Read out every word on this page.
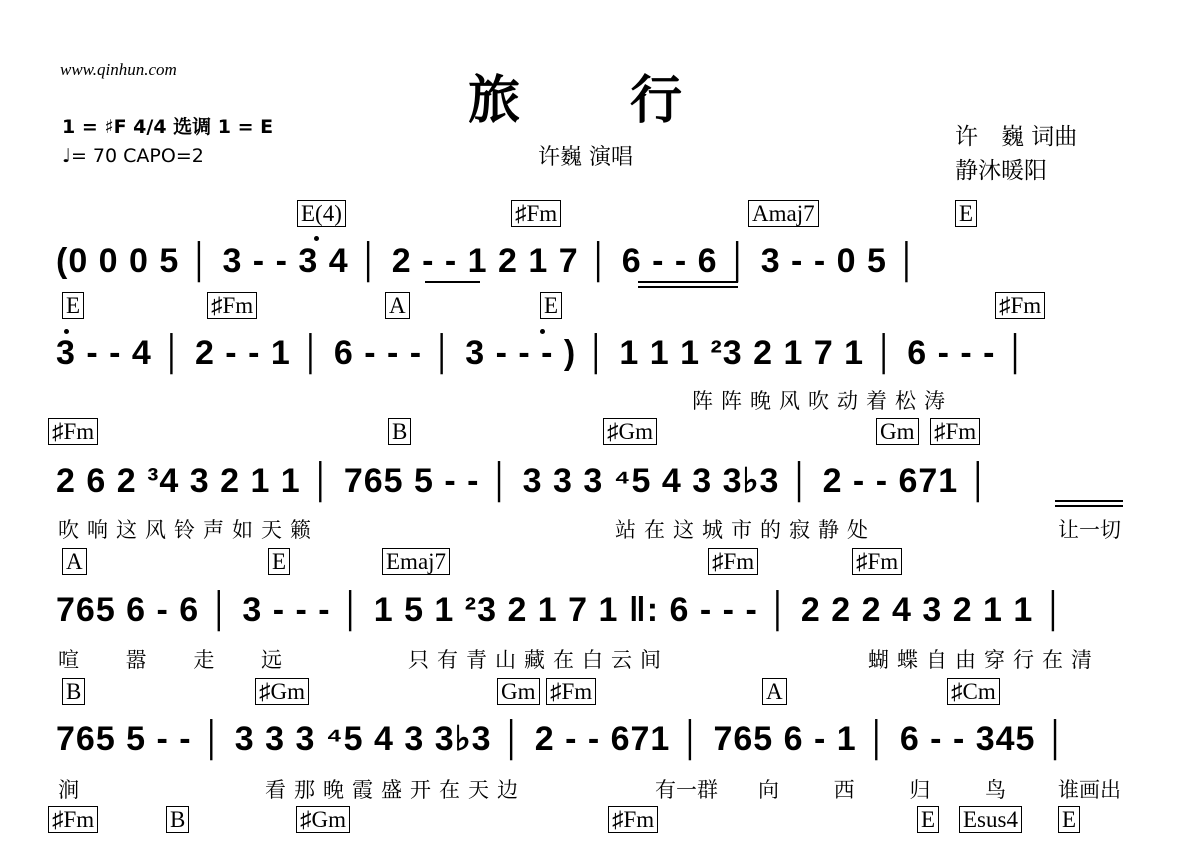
www.qinhun.com
旅　　行
1 = ♯F 4/4 选调 1 = E
♩= 70 CAPO=2	许巍 演唱
许　巍 词曲
静沐暖阳
E(4)	♯Fm	Amaj7	E
(0 0 0 5 │ 3 - - 3 4 │ 2 - - 1 2 1 7 │ 6 - - 6 │ 3 - - 0 5 │
E	♯Fm	A	E	♯Fm
3 - - 4 │ 2 - - 1 │ 6 - - - │ 3 - - - ) │ 1 1 1 ²3 2 1 7 1 │ 6 - - - │
阵阵晚风吹动着松涛
♯Fm	B	♯Gm	Gm ♯Fm
2 6 2 ³4 3 2 1 1 │ 765 5 - - │ 3 3 3 ⁴5 4 3 3♭3 │ 2 - - 671 │
吹响这风铃声如天籁	站在这城市的寂静处	让一切
A	E	Emaj7	♯Fm	♯Fm
765 6 - 6 │ 3 - - - │ 1 5 1 ²3 2 1 7 1 ‖: 6 - - - │ 2 2 2 4 3 2 1 1 │
喧 嚣 走 远	只有青山藏在白云间	蝴蝶自由穿行在清
B	♯Gm	Gm ♯Fm	A	♯Cm
765 5 - - │ 3 3 3 ⁴5 4 3 3♭3 │ 2 - - 671 │ 765 6 - 1 │ 6 - - 345 │
涧	看那晚霞盛开在天边	有一群 向 西 归 鸟 谁画出
♯Fm	B	♯Gm	♯Fm	E Esus4 E
